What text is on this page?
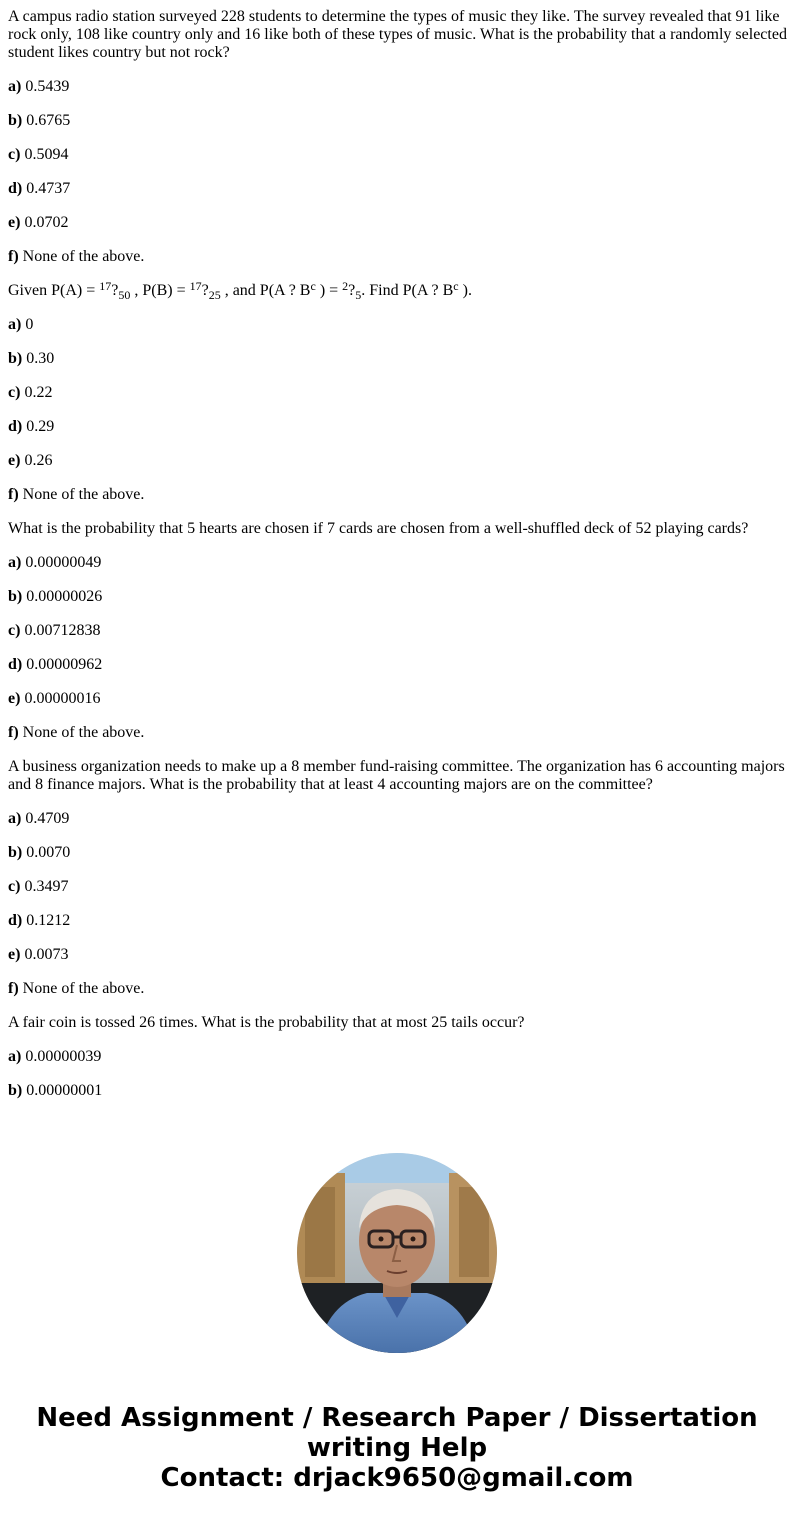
A campus radio station surveyed 228 students to determine the types of music they like. The survey revealed that 91 like rock only, 108 like country only and 16 like both of these types of music. What is the probability that a randomly selected student likes country but not rock?

a) 0.5439

b) 0.6765

c) 0.5094

d) 0.4737

e) 0.0702

f) None of the above.

Given $P(A) = ^{17}?_{50}$ , $P(B) = ^{17}?_{25}$ , and P(A ? $B^c$ ) = $^2?_5$. Find P(A ? $B^c$ ).

a) 0

b) 0.30

c) 0.22

d) 0.29

e) 0.26

f) None of the above.

What is the probability that 5 hearts are chosen if 7 cards are chosen from a well-shuffled deck of 52 playing cards?

a) 0.00000049

b) 0.00000026

c) 0.00712838

d) 0.00000962

e) 0.00000016

f) None of the above.

A business organization needs to make up a 8 member fund-raising committee. The organization has 6 accounting majors and 8 finance majors. What is the probability that at least 4 accounting majors are on the committee?

a) 0.4709

b) 0.0070

c) 0.3497

d) 0.1212

e) 0.0073

f) None of the above.

A fair coin is tossed 26 times. What is the probability that at most 25 tails occur?

a) 0.00000039

b) 0.00000001

Need Assignment / Research Paper / Dissertation
writing Help
Contact: drjack9650@gmail.com
